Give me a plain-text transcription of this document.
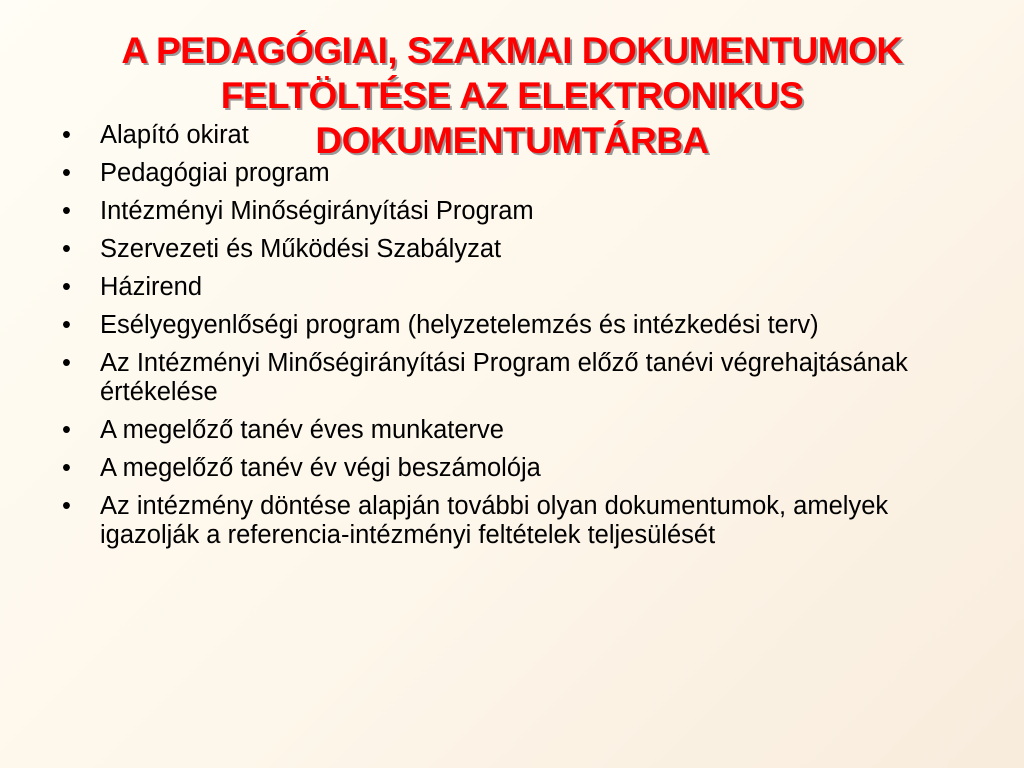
A PEDAGÓGIAI, SZAKMAI DOKUMENTUMOK
FELTÖLTÉSE AZ ELEKTRONIKUS
DOKUMENTUMTÁRBA
• Alapító okirat
• Pedagógiai program
• Intézményi Minőségirányítási Program
• Szervezeti és Működési Szabályzat
• Házirend
• Esélyegyenlőségi program (helyzetelemzés és intézkedési terv)
• Az Intézményi Minőségirányítási Program előző tanévi végrehajtásának értékelése
• A megelőző tanév éves munkaterve
• A megelőző tanév év végi beszámolója
• Az intézmény döntése alapján további olyan dokumentumok, amelyek igazolják a referencia-intézményi feltételek teljesülését
